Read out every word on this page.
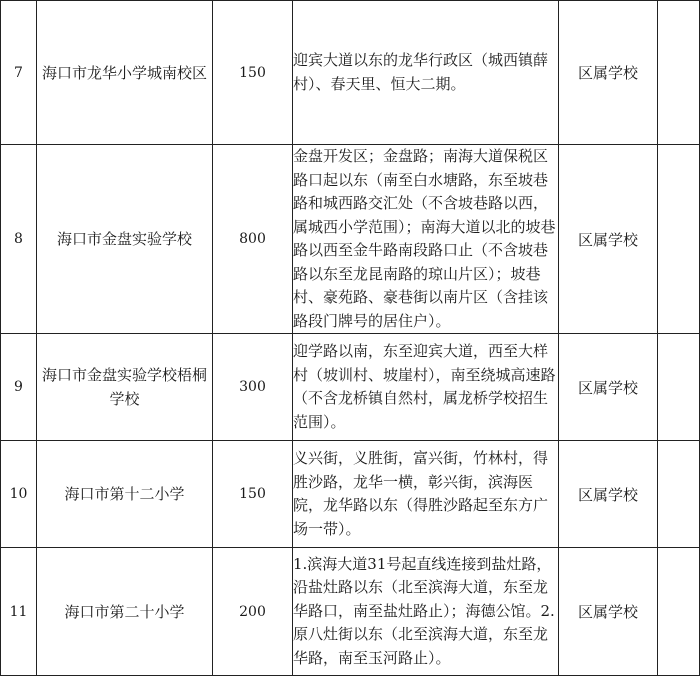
7	海口市龙华小学城南校区	150	迎宾大道以东的龙华行政区（城西镇薛村）、春天里、恒大二期。	区属学校	
8	海口市金盘实验学校	800	金盘开发区；金盘路；南海大道保税区路口起以东（南至白水塘路，东至坡巷路和城西路交汇处（不含坡巷路以西，属城西小学范围）；南海大道以北的坡巷路以西至金牛路南段路口止（不含坡巷路以东至龙昆南路的琼山片区）；坡巷村、豪苑路、豪巷街以南片区（含挂该路段门牌号的居住户）。	区属学校	
9	海口市金盘实验学校梧桐学校	300	迎学路以南，东至迎宾大道，西至大样村（坡训村、坡崖村），南至绕城高速路（不含龙桥镇自然村，属龙桥学校招生范围）。	区属学校	
10	海口市第十二小学	150	义兴街，义胜街，富兴街，竹林村，得胜沙路，龙华一横，彰兴街，滨海医院，龙华路以东（得胜沙路起至东方广场一带）。	区属学校	
11	海口市第二十小学	200	1.滨海大道31号起直线连接到盐灶路，沿盐灶路以东（北至滨海大道，东至龙华路口，南至盐灶路止）；海德公馆。2.原八灶街以东（北至滨海大道，东至龙华路，南至玉河路止）。	区属学校	
